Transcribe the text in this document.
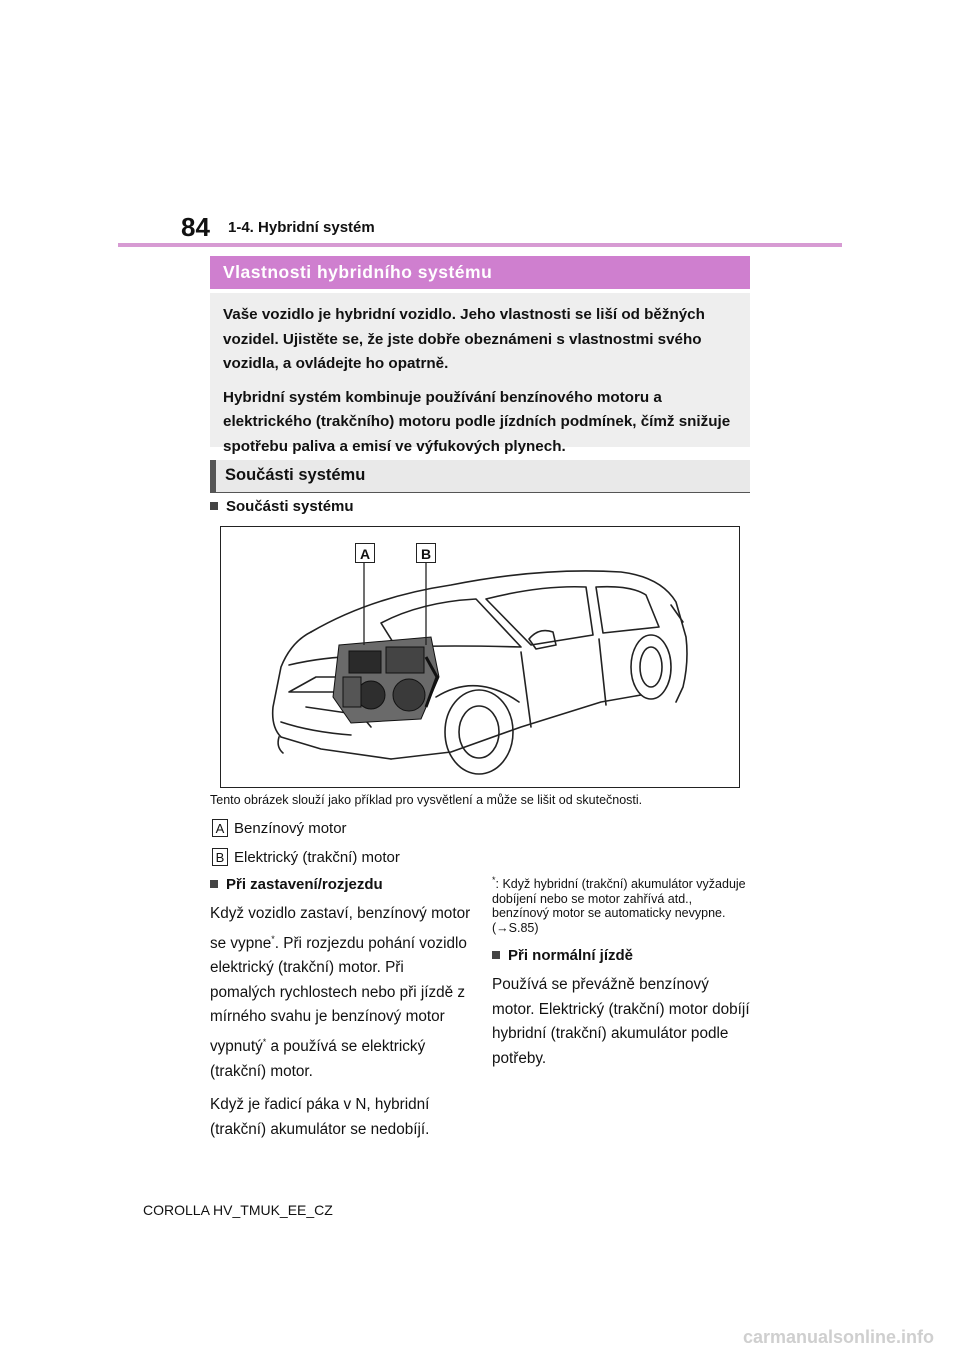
84 1-4. Hybridní systém
Vlastnosti hybridního systému

Vaše vozidlo je hybridní vozidlo. Jeho vlastnosti se liší od běžných vozidel. Ujistěte se, že jste dobře obeznámeni s vlastnostmi svého vozidla, a ovládejte ho opatrně.

Hybridní systém kombinuje používání benzínového motoru a elektrického (trakčního) motoru podle jízdních podmínek, čímž snižuje spotřebu paliva a emisí ve výfukových plynech.

Součásti systému
Součásti systému
A	B
Tento obrázek slouží jako příklad pro vysvětlení a může se lišit od skutečnosti.
A Benzínový motor
B Elektrický (trakční) motor
Při zastavení/rozjezdu

Když vozidlo zastaví, benzínový motor se vypne*. Při rozjezdu pohání vozidlo elektrický (trakční) motor. Při pomalých rychlostech nebo při jízdě z mírného svahu je benzínový motor vypnutý* a používá se elektrický (trakční) motor.

Když je řadicí páka v N, hybridní (trakční) akumulátor se nedobíjí.

*: Když hybridní (trakční) akumulátor vyžaduje dobíjení nebo se motor zahřívá atd., benzínový motor se automaticky nevypne. (→S.85)
Při normální jízdě

Používá se převážně benzínový motor. Elektrický (trakční) motor dobíjí hybridní (trakční) akumulátor podle potřeby.

COROLLA HV_TMUK_EE_CZ
carmanualsonline.info
